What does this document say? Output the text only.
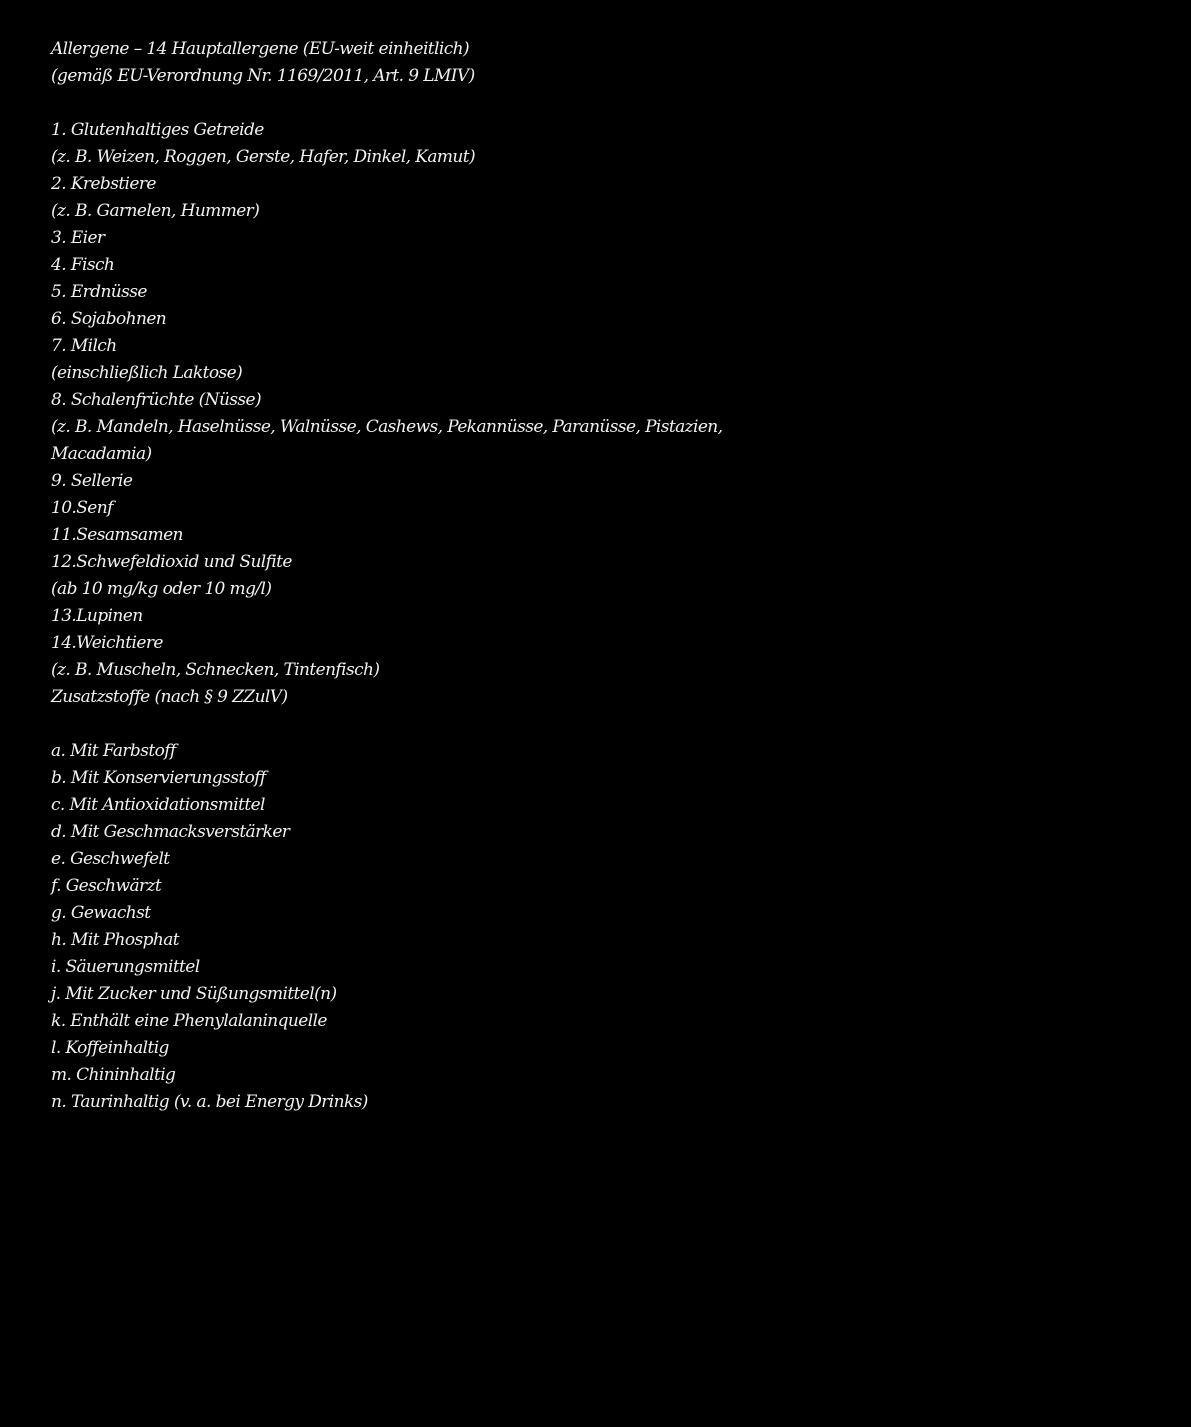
Allergene – 14 Hauptallergene (EU-weit einheitlich)
(gemäß EU-Verordnung Nr. 1169/2011, Art. 9 LMIV)
1. Glutenhaltiges Getreide
(z. B. Weizen, Roggen, Gerste, Hafer, Dinkel, Kamut)
2. Krebstiere
(z. B. Garnelen, Hummer)
3. Eier
4. Fisch
5. Erdnüsse
6. Sojabohnen
7. Milch
(einschließlich Laktose)
8. Schalenfrüchte (Nüsse)
(z. B. Mandeln, Haselnüsse, Walnüsse, Cashews, Pekannüsse, Paranüsse, Pistazien,
Macadamia)
9. Sellerie
10.Senf
11.Sesamsamen
12.Schwefeldioxid und Sulfite
(ab 10 mg/kg oder 10 mg/l)
13.Lupinen
14.Weichtiere
(z. B. Muscheln, Schnecken, Tintenfisch)
Zusatzstoffe (nach § 9 ZZulV)
a. Mit Farbstoff
b. Mit Konservierungsstoff
c. Mit Antioxidationsmittel
d. Mit Geschmacksverstärker
e. Geschwefelt
f. Geschwärzt
g. Gewachst
h. Mit Phosphat
i. Säuerungsmittel
j. Mit Zucker und Süßungsmittel(n)
k. Enthält eine Phenylalaninquelle
l. Koffeinhaltig
m. Chininhaltig
n. Taurinhaltig (v. a. bei Energy Drinks)
